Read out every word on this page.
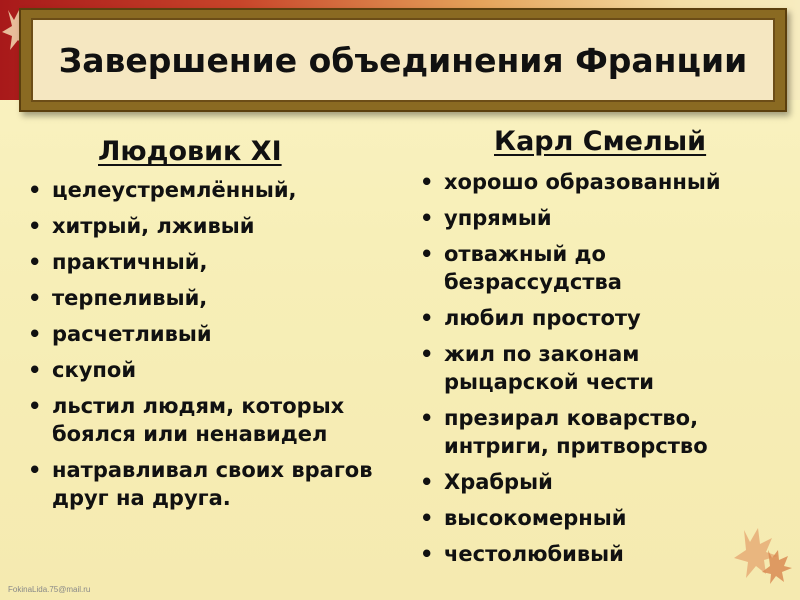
Завершение объединения Франции
Людовик XI	Карл Смелый
• целеустремлённый,
• хитрый, лживый
• практичный,
• терпеливый,
• расчетливый
• скупой
• льстил людям, которых боялся или ненавидел
• натравливал своих врагов друг на друга.
• хорошо образованный
• упрямый
• отважный до безрассудства
• любил простоту
• жил по законам рыцарской чести
• презирал коварство, интриги, притворство
• Храбрый
• высокомерный
• честолюбивый
FokinaLida.75@mail.ru
